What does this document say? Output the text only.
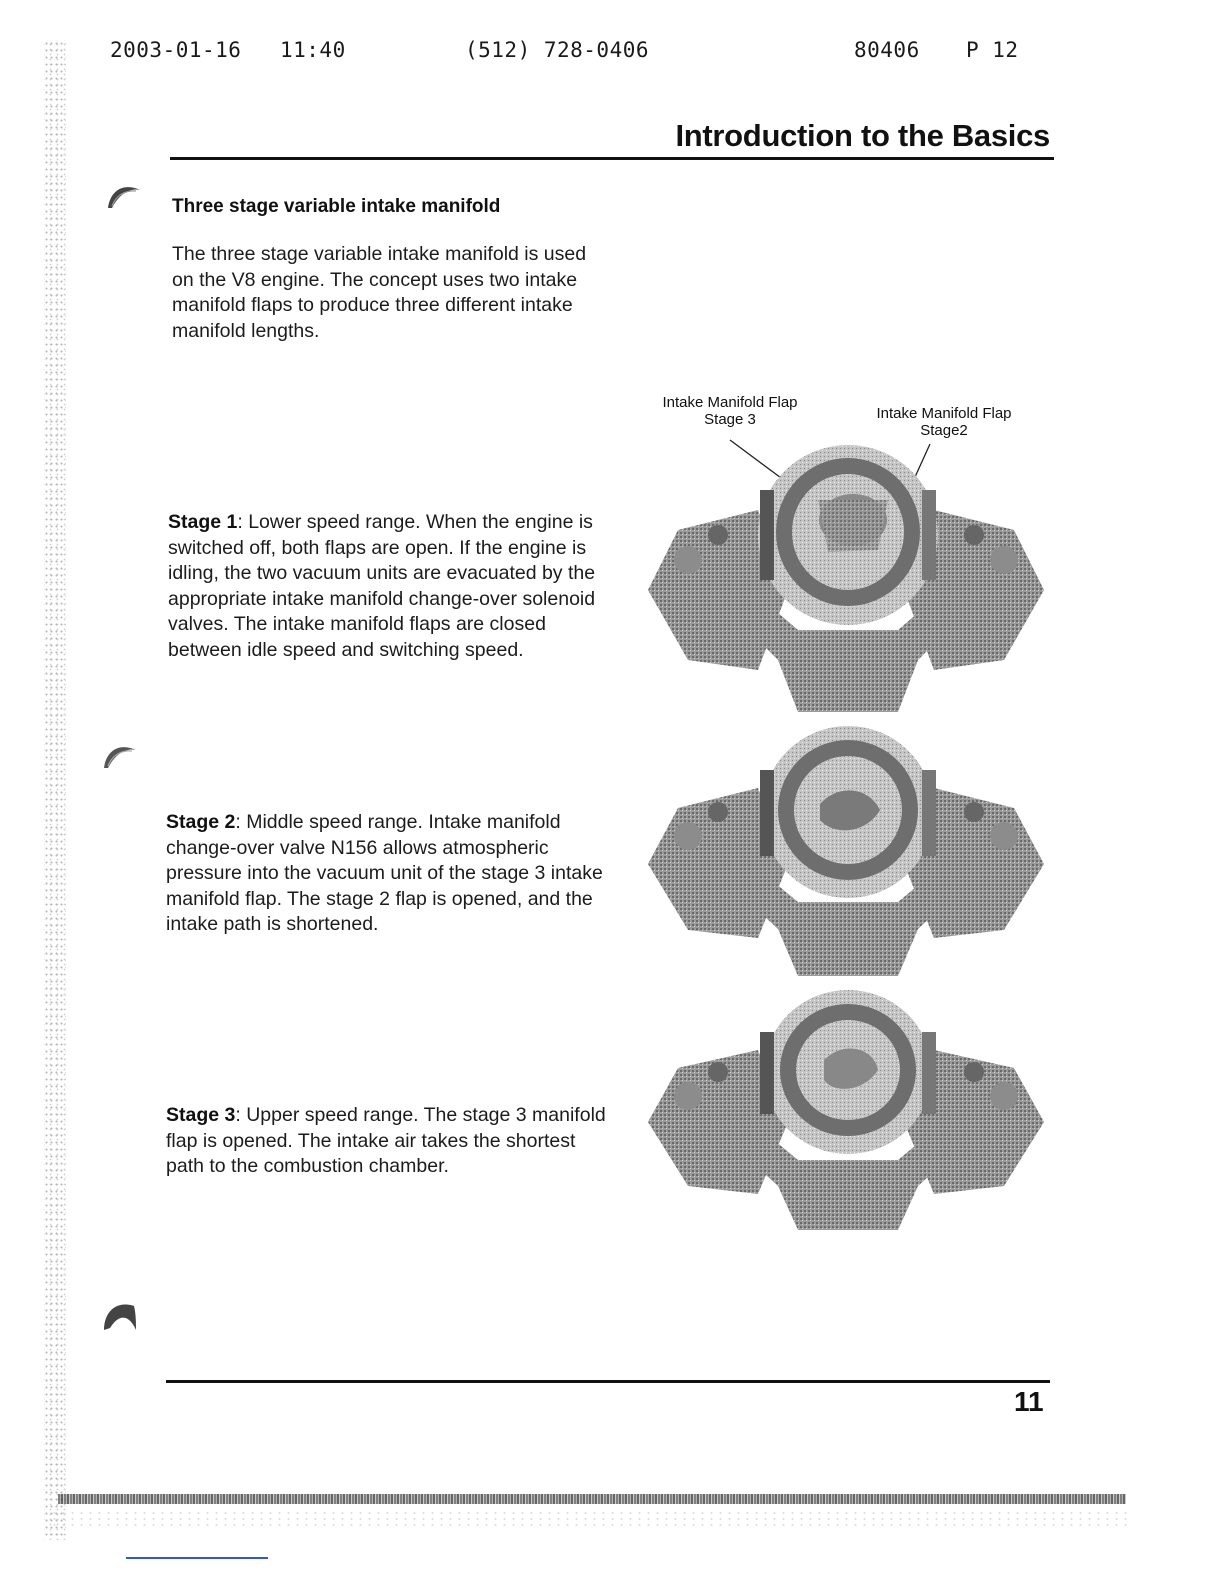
2003-01-16 11:40	(512) 728-0406	80406 P 12
Introduction to the Basics
Three stage variable intake manifold
The three stage variable intake manifold is used on the V8 engine. The concept uses two intake manifold flaps to produce three different intake manifold lengths.
Stage 1: Lower speed range. When the engine is switched off, both flaps are open. If the engine is idling, the two vacuum units are evacuated by the appropriate intake manifold change-over solenoid valves. The intake manifold flaps are closed between idle speed and switching speed.
Stage 2: Middle speed range. Intake manifold change-over valve N156 allows atmospheric pressure into the vacuum unit of the stage 3 intake manifold flap. The stage 2 flap is opened, and the intake path is shortened.
Stage 3: Upper speed range. The stage 3 manifold flap is opened. The intake air takes the shortest path to the combustion chamber.
Intake Manifold Flap
Stage 3	Intake Manifold Flap
Stage2
11
